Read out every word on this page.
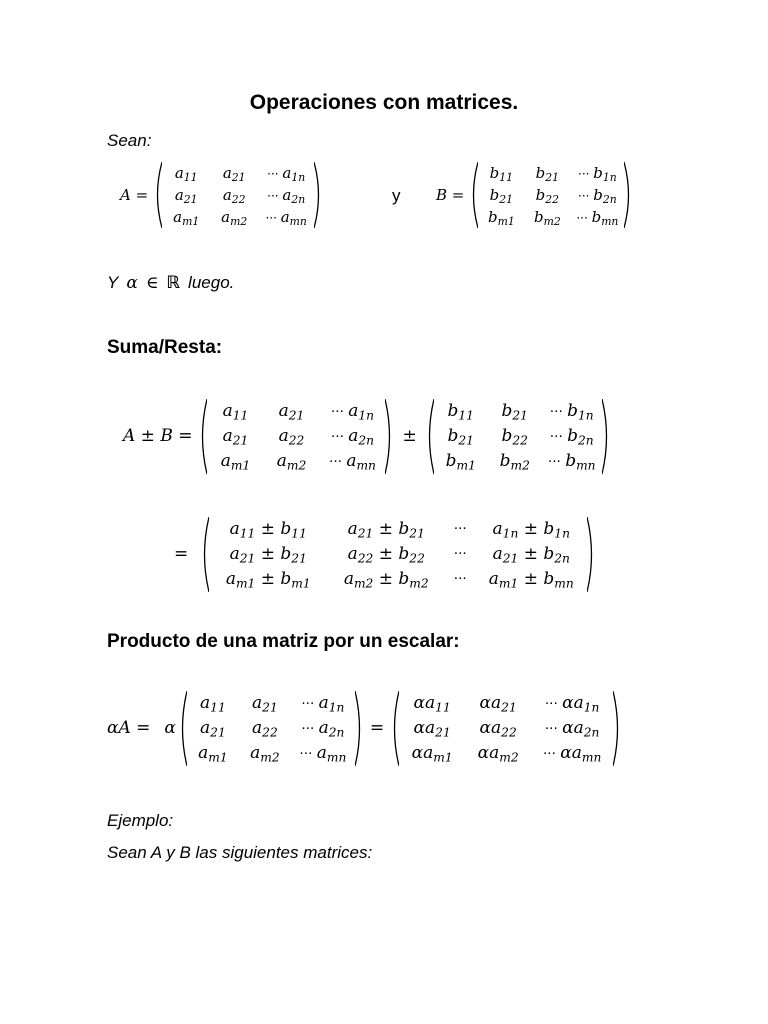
Operaciones con matrices.
Sean:
A =
$a_{11}$ $a_{21}$ ··· $a_{1n}$
$a_{21}$ $a_{22}$ ··· $a_{2n}$
$a_{m1}$ $a_{m2}$ ··· $a_{mn}$
y B =
$b_{11}$ $b_{21}$ ··· $b_{1n}$
$b_{21}$ $b_{22}$ ··· $b_{2n}$
$b_{m1}$ $b_{m2}$ ··· $b_{mn}$
Y α ∈ ℝ luego.
Suma/Resta:
A ± B =
$a_{11}$ $a_{21}$ ··· $a_{1n}$
$a_{21}$ $a_{22}$ ··· $a_{2n}$
$a_{m1}$ $a_{m2}$ ··· $a_{mn}$
±
$b_{11}$ $b_{21}$ ··· $b_{1n}$
$b_{21}$ $b_{22}$ ··· $b_{2n}$
$b_{m1}$ $b_{m2}$ ··· $b_{mn}$
=
$a_{11} \pm b_{11}$ $a_{21} \pm b_{21}$ ··· $a_{1n} \pm b_{1n}$
$a_{21} \pm b_{21}$ $a_{22} \pm b_{22}$ ··· $a_{21} \pm b_{2n}$
$a_{m1} \pm b_{m1}$ $a_{m2} \pm b_{m2}$ ··· $a_{m1} \pm b_{mn}$
Producto de una matriz por un escalar:
αA = α
$a_{11}$ $a_{21}$ ··· $a_{1n}$
$a_{21}$ $a_{22}$ ··· $a_{2n}$
$a_{m1}$ $a_{m2}$ ··· $a_{mn}$
=
$\alpha a_{11}$ $\alpha a_{21}$ ··· $\alpha a_{1n}$
$\alpha a_{21}$ $\alpha a_{22}$ ··· $\alpha a_{2n}$
$\alpha a_{m1}$ $\alpha a_{m2}$ ··· $\alpha a_{mn}$
Ejemplo:
Sean A y B las siguientes matrices:
